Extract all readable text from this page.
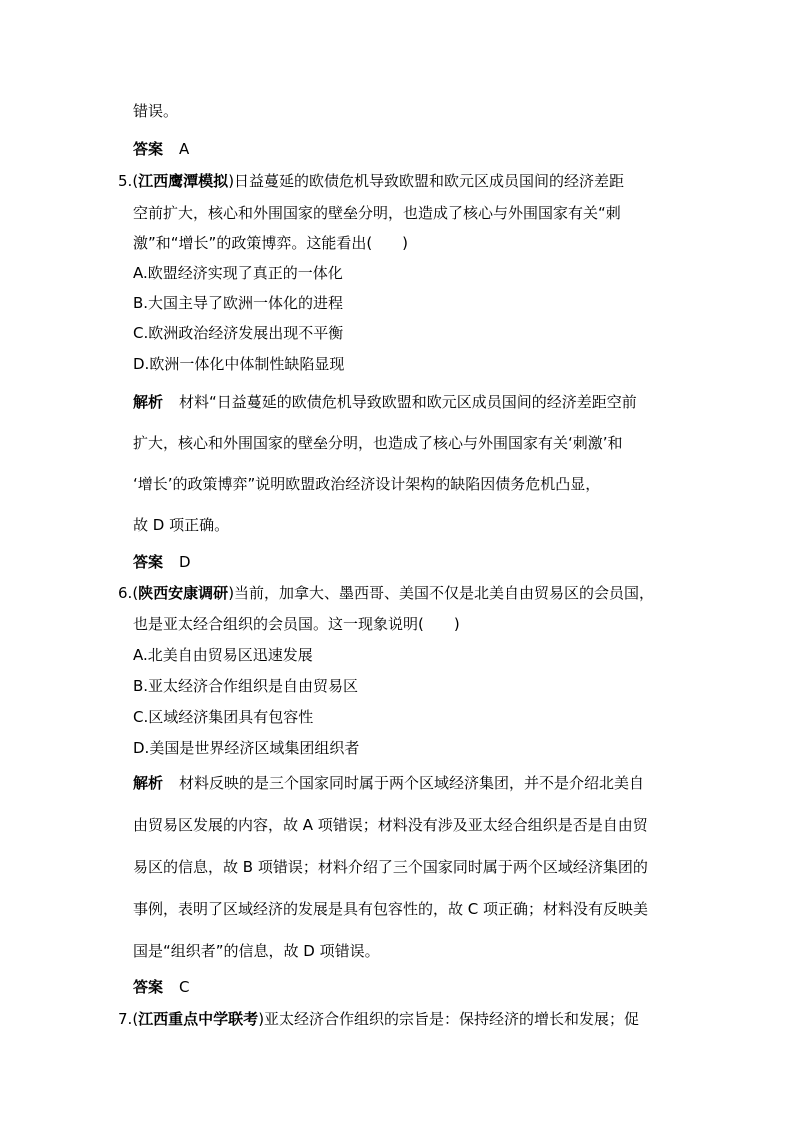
错误。
答案 A
5.(江西鹰潭模拟)日益蔓延的欧债危机导致欧盟和欧元区成员国间的经济差距
空前扩大，核心和外围国家的壁垒分明，也造成了核心与外围国家有关“刺
激”和“增长”的政策博弈。这能看出(　　)
A.欧盟经济实现了真正的一体化
B.大国主导了欧洲一体化的进程
C.欧洲政治经济发展出现不平衡
D.欧洲一体化中体制性缺陷显现
解析 材料“日益蔓延的欧债危机导致欧盟和欧元区成员国间的经济差距空前
扩大，核心和外围国家的壁垒分明，也造成了核心与外围国家有关‘刺激’和
‘增长’的政策博弈”说明欧盟政治经济设计架构的缺陷因债务危机凸显，
故 D 项正确。
答案 D
6.(陕西安康调研)当前，加拿大、墨西哥、美国不仅是北美自由贸易区的会员国，
也是亚太经合组织的会员国。这一现象说明(　　)
A.北美自由贸易区迅速发展
B.亚太经济合作组织是自由贸易区
C.区域经济集团具有包容性
D.美国是世界经济区域集团组织者
解析 材料反映的是三个国家同时属于两个区域经济集团，并不是介绍北美自
由贸易区发展的内容，故 A 项错误；材料没有涉及亚太经合组织是否是自由贸
易区的信息，故 B 项错误；材料介绍了三个国家同时属于两个区域经济集团的
事例，表明了区域经济的发展是具有包容性的，故 C 项正确；材料没有反映美
国是“组织者”的信息，故 D 项错误。
答案 C
7.(江西重点中学联考)亚太经济合作组织的宗旨是：保持经济的增长和发展；促
